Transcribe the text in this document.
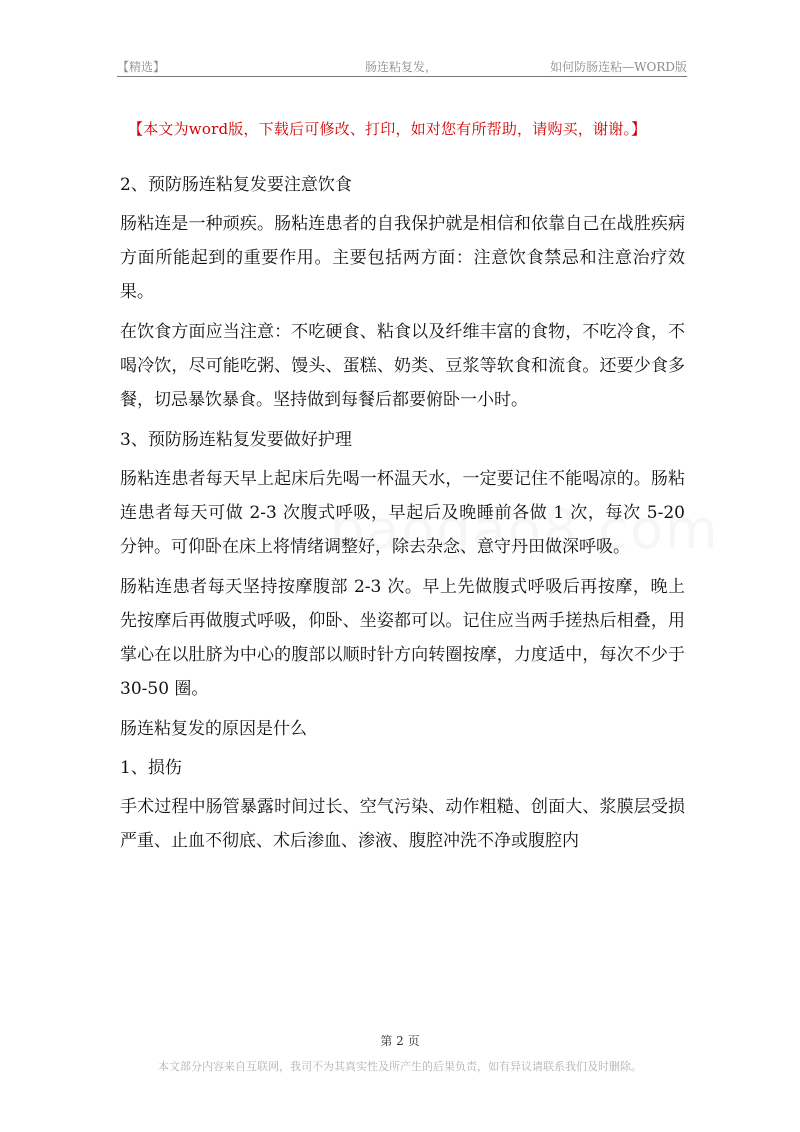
【精选】	肠连粘复发，	如何防肠连粘—WORD版
【本文为word版，下载后可修改、打印，如对您有所帮助，请购买，谢谢。】

2、预防肠连粘复发要注意饮食

肠粘连是一种顽疾。肠粘连患者的自我保护就是相信和依靠自己在战胜疾病方面所能起到的重要作用。主要包括两方面：注意饮食禁忌和注意治疗效果。

在饮食方面应当注意：不吃硬食、粘食以及纤维丰富的食物，不吃冷食，不喝冷饮，尽可能吃粥、馒头、蛋糕、奶类、豆浆等软食和流食。还要少食多餐，切忌暴饮暴食。坚持做到每餐后都要俯卧一小时。

3、预防肠连粘复发要做好护理

肠粘连患者每天早上起床后先喝一杯温天水，一定要记住不能喝凉的。肠粘连患者每天可做 2-3 次腹式呼吸，早起后及晚睡前各做 1 次，每次 5-20 分钟。可仰卧在床上将情绪调整好，除去杂念、意守丹田做深呼吸。

肠粘连患者每天坚持按摩腹部 2-3 次。早上先做腹式呼吸后再按摩，晚上先按摩后再做腹式呼吸，仰卧、坐姿都可以。记住应当两手搓热后相叠，用掌心在以肚脐为中心的腹部以顺时针方向转圈按摩，力度适中，每次不少于 30-50 圈。

肠连粘复发的原因是什么

1、损伤

手术过程中肠管暴露时间过长、空气污染、动作粗糙、创面大、浆膜层受损严重、止血不彻底、术后渗血、渗液、腹腔冲洗不净或腹腔内

第 2 页
本文部分内容来自互联网，我司不为其真实性及所产生的后果负责，如有异议请联系我们及时删除。
